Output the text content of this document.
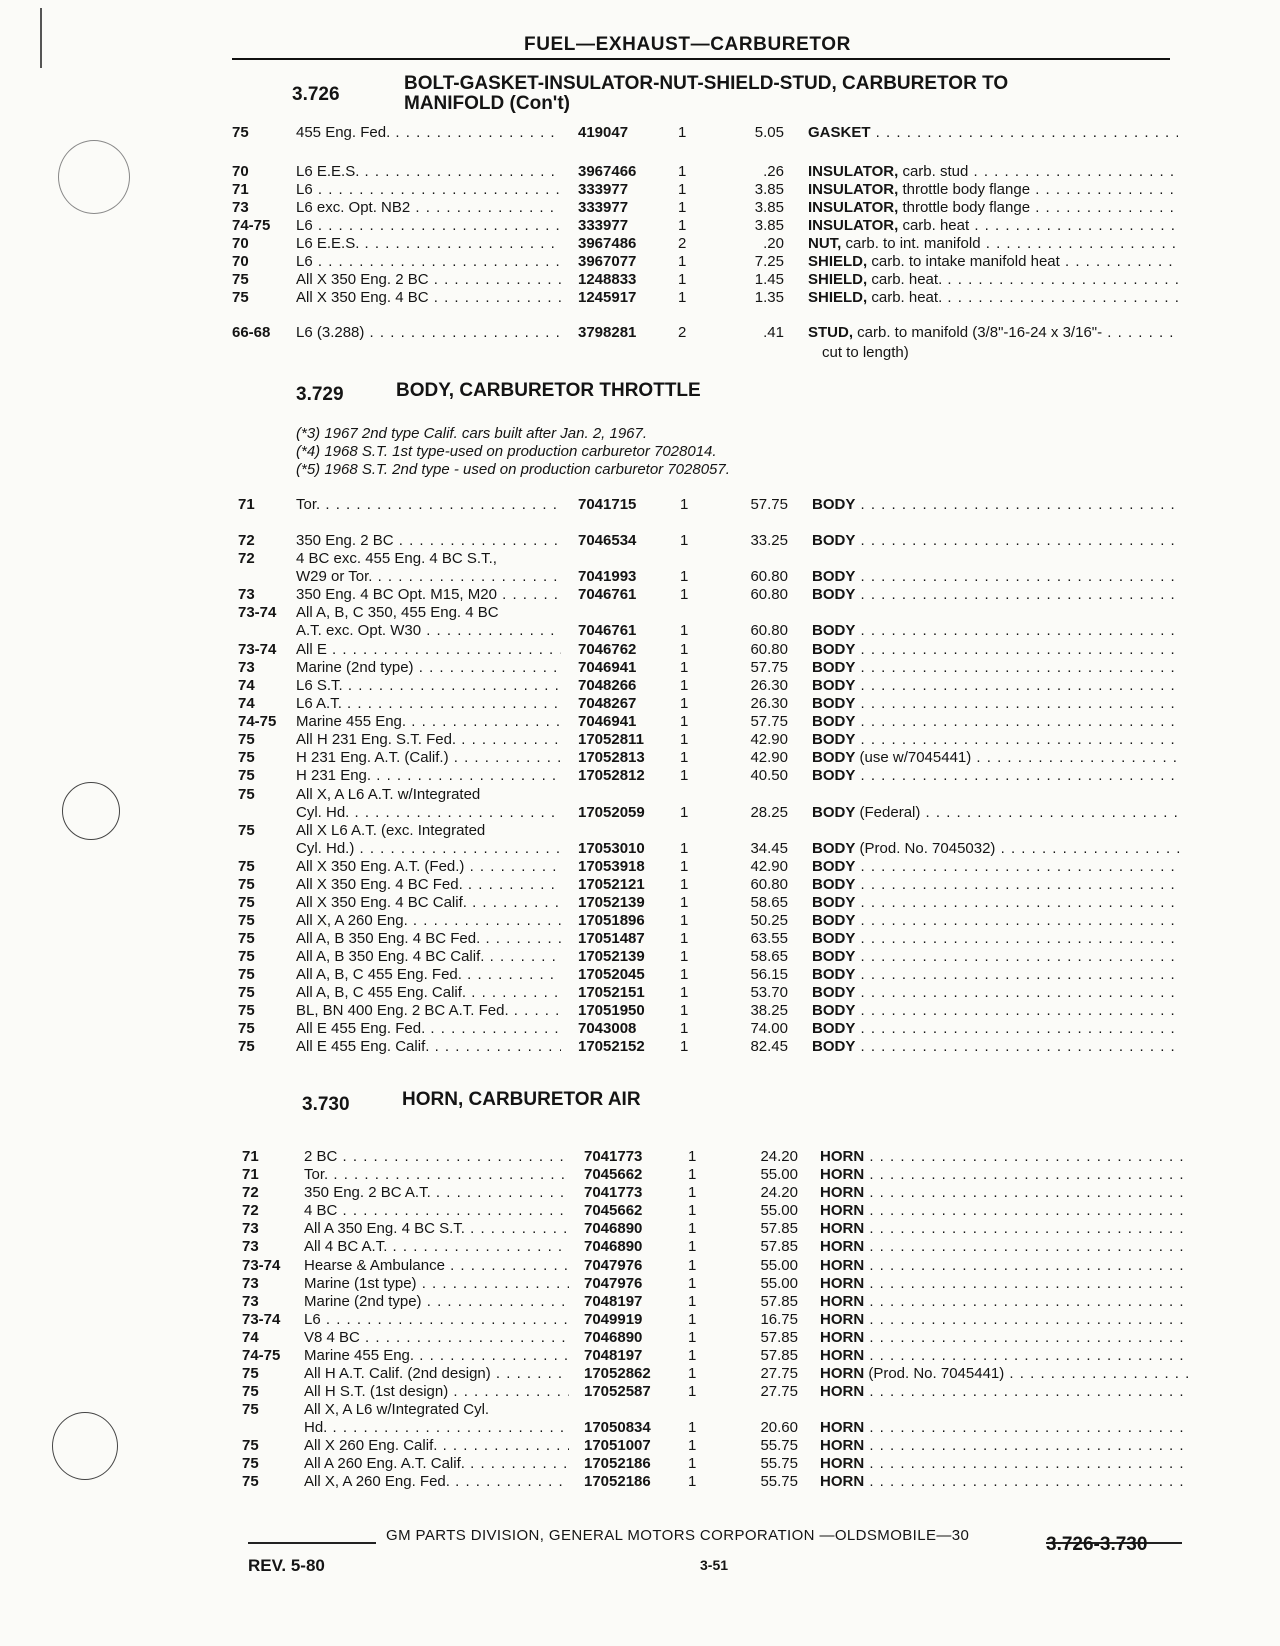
FUEL—EXHAUST—CARBURETOR
3.726
BOLT-GASKET-INSULATOR-NUT-SHIELD-STUD, CARBURETOR TO
MANIFOLD (Con't)
75	455 Eng. Fed. . . .	419047	1	5.05 GASKET . . .
70	L6 E.E.S. . . .	3967466	1	.26 INSULATOR, carb. stud . . .
71	L6 . . .	333977	1	3.85 INSULATOR, throttle body flange . . .
73	L6 exc. Opt. NB2 . . .	333977	1	3.85 INSULATOR, throttle body flange . . .
74-75 L6 . . .	333977	1	3.85 INSULATOR, carb. heat . . .
70	L6 E.E.S. . . .	3967486	2	.20 NUT, carb. to int. manifold . . .
70	L6 . . .	3967077	1	7.25 SHIELD, carb. to intake manifold heat . . .
75	All X 350 Eng. 2 BC . . .	1248833	1	1.45 SHIELD, carb. heat. . . .
75	All X 350 Eng. 4 BC . . .	1245917	1	1.35 SHIELD, carb. heat. . . .
66-68 L6 (3.288) . . .	3798281	2	.41 STUD, carb. to manifold (3/8"-16-24 x 3/16"- . . .
cut to length)
3.729	BODY, CARBURETOR THROTTLE
(*3) 1967 2nd type Calif. cars built after Jan. 2, 1967.
(*4) 1968 S.T. 1st type-used on production carburetor 7028014.
(*5) 1968 S.T. 2nd type - used on production carburetor 7028057.
71	Tor. . . .	7041715	1	57.75 BODY . . .
72	350 Eng. 2 BC . . .	7046534	1	33.25 BODY . . .
72	4 BC exc. 455 Eng. 4 BC S.T.,
W29 or Tor. . . .	7041993	1	60.80 BODY . . .
73	350 Eng. 4 BC Opt. M15, M20 . . .	7046761	1	60.80 BODY . . .
73-74 All A, B, C 350, 455 Eng. 4 BC
A.T. exc. Opt. W30 . . .	7046761	1	60.80 BODY . . .
73-74 All E . . .	7046762	1	60.80 BODY . . .
73	Marine (2nd type) . . .	7046941	1	57.75 BODY . . .
74	L6 S.T. . . .	7048266	1	26.30 BODY . . .
74	L6 A.T. . . .	7048267	1	26.30 BODY . . .
74-75 Marine 455 Eng. . . .	7046941	1	57.75 BODY . . .
75	All H 231 Eng. S.T. Fed. . . .	17052811 1	42.90 BODY . . .
75	H 231 Eng. A.T. (Calif.) . . .	17052813 1	42.90 BODY (use w/7045441) . . .
75	H 231 Eng. . . .	17052812 1	40.50 BODY . . .
75	All X, A L6 A.T. w/Integrated
Cyl. Hd. . . .	17052059 1	28.25 BODY (Federal) . . .
75	All X L6 A.T. (exc. Integrated
Cyl. Hd.) . . .	17053010 1	34.45 BODY (Prod. No. 7045032) . . .
75	All X 350 Eng. A.T. (Fed.) . . .	17053918 1	42.90 BODY . . .
75	All X 350 Eng. 4 BC Fed. . . .	17052121 1	60.80 BODY . . .
75	All X 350 Eng. 4 BC Calif. . . .	17052139 1	58.65 BODY . . .
75	All X, A 260 Eng. . . .	17051896 1	50.25 BODY . . .
75	All A, B 350 Eng. 4 BC Fed. . . .	17051487 1	63.55 BODY . . .
75	All A, B 350 Eng. 4 BC Calif. . . .	17052139 1	58.65 BODY . . .
75	All A, B, C 455 Eng. Fed. . . .	17052045 1	56.15 BODY . . .
75	All A, B, C 455 Eng. Calif. . . .	17052151 1	53.70 BODY . . .
75	BL, BN 400 Eng. 2 BC A.T. Fed. . . .	17051950 1	38.25 BODY . . .
75	All E 455 Eng. Fed. . . .	7043008	1	74.00 BODY . . .
75	All E 455 Eng. Calif. . . .	17052152 1	82.45 BODY . . .
3.730	HORN, CARBURETOR AIR
71	2 BC . . .	7041773	1	24.20 HORN . . .
71	Tor. . . .	7045662	1	55.00 HORN . . .
72	350 Eng. 2 BC A.T. . . .	7041773	1	24.20 HORN . . .
72	4 BC . . .	7045662	1	55.00 HORN . . .
73	All A 350 Eng. 4 BC S.T. . . .	7046890	1	57.85 HORN . . .
73	All 4 BC A.T. . . .	7046890	1	57.85 HORN . . .
73-74 Hearse & Ambulance . . .	7047976	1	55.00 HORN . . .
73	Marine (1st type) . . .	7047976	1	55.00 HORN . . .
73	Marine (2nd type) . . .	7048197	1	57.85 HORN . . .
73-74 L6 . . .	7049919	1	16.75 HORN . . .
74	V8 4 BC . . .	7046890	1	57.85 HORN . . .
74-75 Marine 455 Eng. . . .	7048197	1	57.85 HORN . . .
75	All H A.T. Calif. (2nd design) . . .	17052862 1	27.75 HORN (Prod. No. 7045441) . . .
75	All H S.T. (1st design) . . .	17052587 1	27.75 HORN . . .
75	All X, A L6 w/Integrated Cyl.
Hd. . . .	17050834 1	20.60 HORN . . .
75	All X 260 Eng. Calif. . . .	17051007 1	55.75 HORN . . .
75	All A 260 Eng. A.T. Calif. . . .	17052186 1	55.75 HORN . . .
75	All X, A 260 Eng. Fed. . . .	17052186 1	55.75 HORN . . .
GM PARTS DIVISION, GENERAL MOTORS CORPORATION —OLDSMOBILE—30	3.726-3.730
REV. 5-80	3-51
